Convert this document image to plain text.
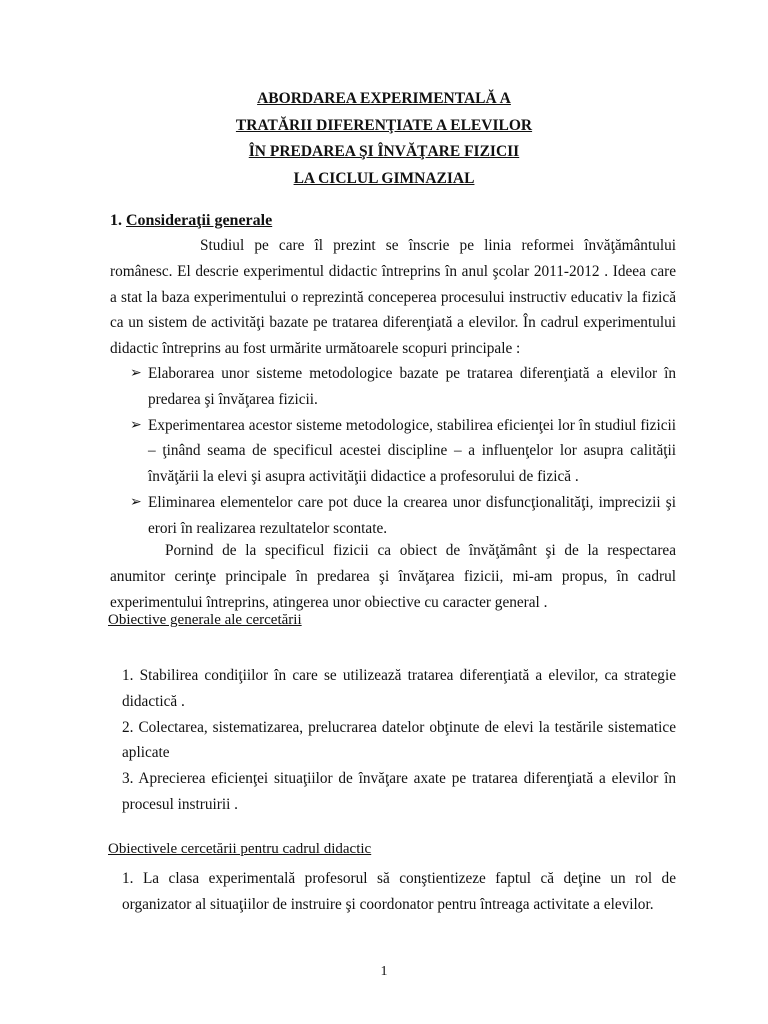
ABORDAREA EXPERIMENTALĂ A

TRATĂRII DIFERENŢIATE A ELEVILOR

ÎN PREDAREA ŞI ÎNVĂŢARE FIZICII

LA CICLUL GIMNAZIAL

1. Consideraţii generale

Studiul pe care îl prezint se înscrie pe linia reformei învăţământului românesc. El descrie experimentul didactic întreprins în anul şcolar 2011-2012 . Ideea care a stat la baza experimentului o reprezintă conceperea procesului instructiv educativ la fizică ca un sistem de activităţi bazate pe tratarea diferenţiată a elevilor. În cadrul experimentului didactic întreprins au fost urmărite următoarele scopuri principale :

➢ Elaborarea unor sisteme metodologice bazate pe tratarea diferenţiată a elevilor în predarea şi învăţarea fizicii.
➢ Experimentarea acestor sisteme metodologice, stabilirea eficienţei lor în studiul fizicii – ţinând seama de specificul acestei discipline – a influenţelor lor asupra calităţii învăţării la elevi şi asupra activităţii didactice a profesorului de fizică .
➢ Eliminarea elementelor care pot duce la crearea unor disfuncţionalităţi, imprecizii şi erori în realizarea rezultatelor scontate.

Pornind de la specificul fizicii ca obiect de învăţământ şi de la respectarea anumitor cerinţe principale în predarea şi învăţarea fizicii, mi-am propus, în cadrul experimentului întreprins, atingerea unor obiective cu caracter general .

Obiective generale ale cercetării

1. Stabilirea condiţiilor în care se utilizează tratarea diferenţiată a elevilor, ca strategie didactică .
2. Colectarea, sistematizarea, prelucrarea datelor obţinute de elevi la testările sistematice aplicate
3. Aprecierea eficienţei situaţiilor de învăţare axate pe tratarea diferenţiată a elevilor în procesul instruirii .

Obiectivele cercetării pentru cadrul didactic

1. La clasa experimentală profesorul să conştientizeze faptul că deţine un rol de organizator al situaţiilor de instruire şi coordonator pentru întreaga activitate a elevilor.
1
